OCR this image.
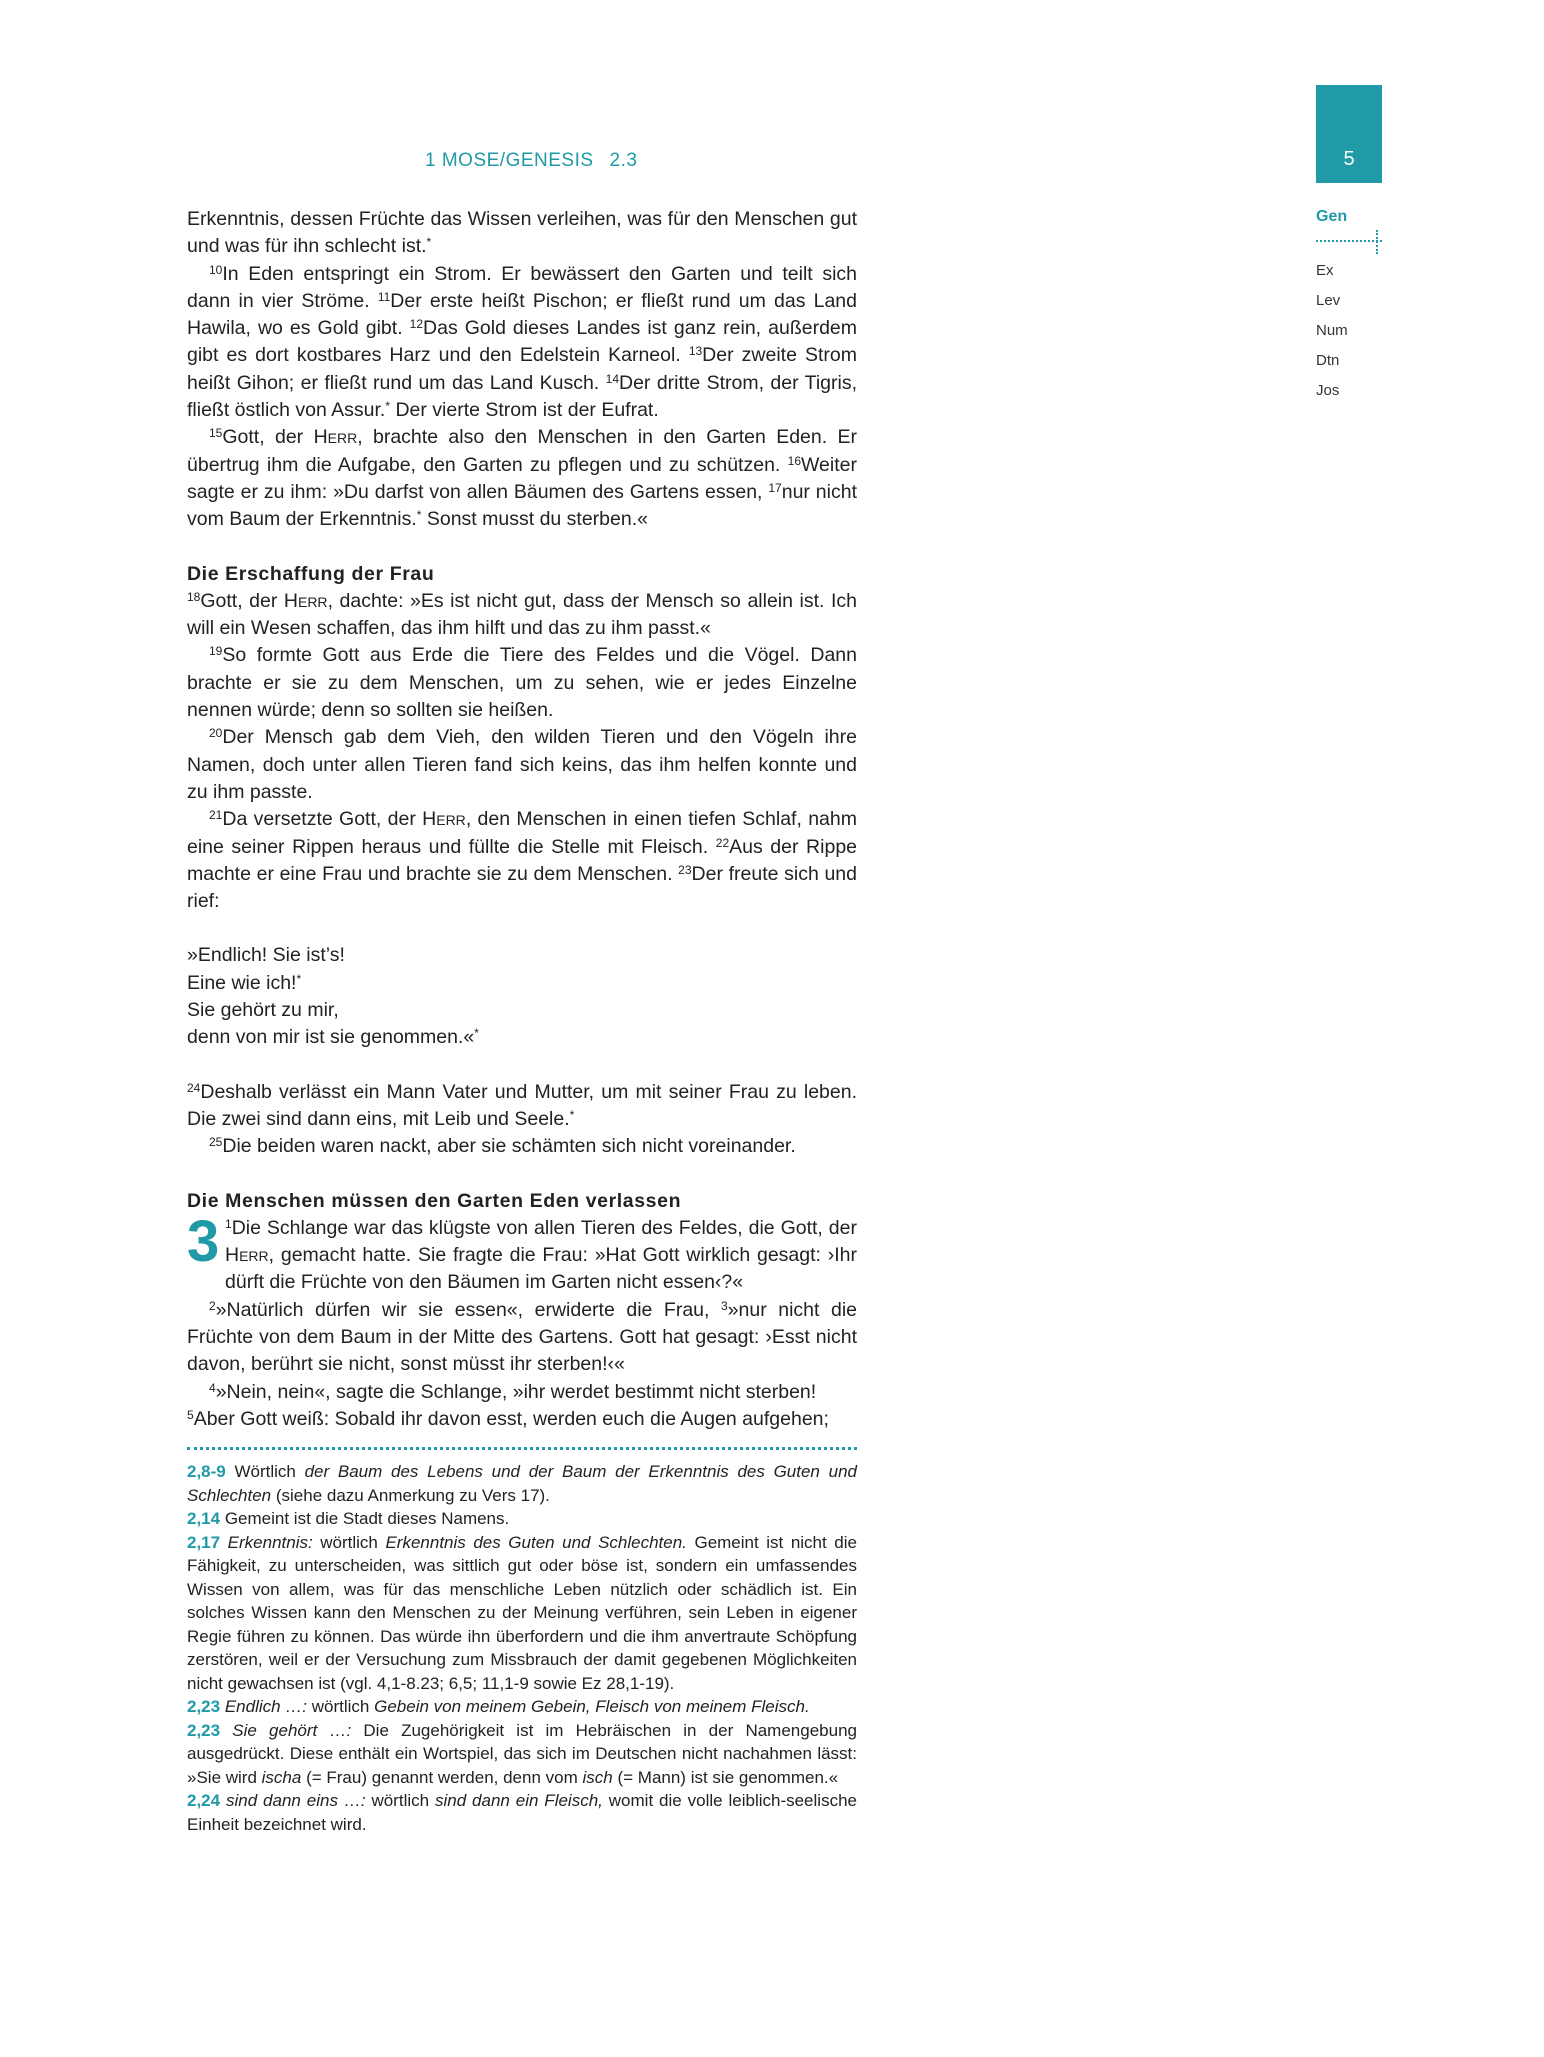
1 MOSE/GENESIS 2.3	5
Gen
Ex
Lev
Num
Dtn
Jos

Erkenntnis, dessen Früchte das Wissen verleihen, was für den Menschen gut und was für ihn schlecht ist.*

$^{10}$In Eden entspringt ein Strom. Er bewässert den Garten und teilt sich dann in vier Ströme. $^{11}$Der erste heißt Pischon; er fließt rund um das Land Hawila, wo es Gold gibt. $^{12}$Das Gold dieses Landes ist ganz rein, außerdem gibt es dort kostbares Harz und den Edelstein Karneol. $^{13}$Der zweite Strom heißt Gihon; er fließt rund um das Land Kusch. $^{14}$Der dritte Strom, der Tigris, fließt östlich von Assur.* Der vierte Strom ist der Eufrat.

$^{15}$Gott, der Herr, brachte also den Menschen in den Garten Eden. Er übertrug ihm die Aufgabe, den Garten zu pflegen und zu schützen. $^{16}$Weiter sagte er zu ihm: »Du darfst von allen Bäumen des Gartens essen, $^{17}$nur nicht vom Baum der Erkenntnis.* Sonst musst du sterben.«

Die Erschaffung der Frau

$^{18}$Gott, der Herr, dachte: »Es ist nicht gut, dass der Mensch so allein ist. Ich will ein Wesen schaffen, das ihm hilft und das zu ihm passt.«

$^{19}$So formte Gott aus Erde die Tiere des Feldes und die Vögel. Dann brachte er sie zu dem Menschen, um zu sehen, wie er jedes Einzelne nennen würde; denn so sollten sie heißen.

$^{20}$Der Mensch gab dem Vieh, den wilden Tieren und den Vögeln ihre Namen, doch unter allen Tieren fand sich keins, das ihm helfen konnte und zu ihm passte.

$^{21}$Da versetzte Gott, der Herr, den Menschen in einen tiefen Schlaf, nahm eine seiner Rippen heraus und füllte die Stelle mit Fleisch. $^{22}$Aus der Rippe machte er eine Frau und brachte sie zu dem Menschen. $^{23}$Der freute sich und rief:

»Endlich! Sie ist’s!

Eine wie ich!*

Sie gehört zu mir,

denn von mir ist sie genommen.«*

$^{24}$Deshalb verlässt ein Mann Vater und Mutter, um mit seiner Frau zu leben. Die zwei sind dann eins, mit Leib und Seele.*

$^{25}$Die beiden waren nackt, aber sie schämten sich nicht voreinander.

Die Menschen müssen den Garten Eden verlassen
3 $^1$Die Schlange war das klügste von allen Tieren des Feldes, die Gott, der Herr, gemacht hatte. Sie fragte die Frau: »Hat Gott wirklich gesagt: ›Ihr dürft die Früchte von den Bäumen im Garten nicht essen‹?«

$^2$»Natürlich dürfen wir sie essen«, erwiderte die Frau, $^3$»nur nicht die Früchte von dem Baum in der Mitte des Gartens. Gott hat gesagt: ›Esst nicht davon, berührt sie nicht, sonst müsst ihr sterben!‹«

$^4$»Nein, nein«, sagte die Schlange, »ihr werdet bestimmt nicht sterben!

$^5$Aber Gott weiß: Sobald ihr davon esst, werden euch die Augen aufgehen;

2,8-9 Wörtlich der Baum des Lebens und der Baum der Erkenntnis des Guten und Schlechten (siehe dazu Anmerkung zu Vers 17).

2,14 Gemeint ist die Stadt dieses Namens.

2,17 Erkenntnis: wörtlich Erkenntnis des Guten und Schlechten. Gemeint ist nicht die Fähigkeit, zu unterscheiden, was sittlich gut oder böse ist, sondern ein umfassendes Wissen von allem, was für das menschliche Leben nützlich oder schädlich ist. Ein solches Wissen kann den Menschen zu der Meinung verführen, sein Leben in eigener Regie führen zu können. Das würde ihn überfordern und die ihm anvertraute Schöpfung zerstören, weil er der Versuchung zum Missbrauch der damit gegebenen Möglichkeiten nicht gewachsen ist (vgl. 4,1-8.23; 6,5; 11,1-9 sowie Ez 28,1-19).

2,23 Endlich …: wörtlich Gebein von meinem Gebein, Fleisch von meinem Fleisch.

2,23 Sie gehört …: Die Zugehörigkeit ist im Hebräischen in der Namengebung ausgedrückt. Diese enthält ein Wortspiel, das sich im Deutschen nicht nachahmen lässt: »Sie wird ischa (= Frau) genannt werden, denn vom isch (= Mann) ist sie genommen.«

2,24 sind dann eins …: wörtlich sind dann ein Fleisch, womit die volle leiblich-seelische Einheit bezeichnet wird.
